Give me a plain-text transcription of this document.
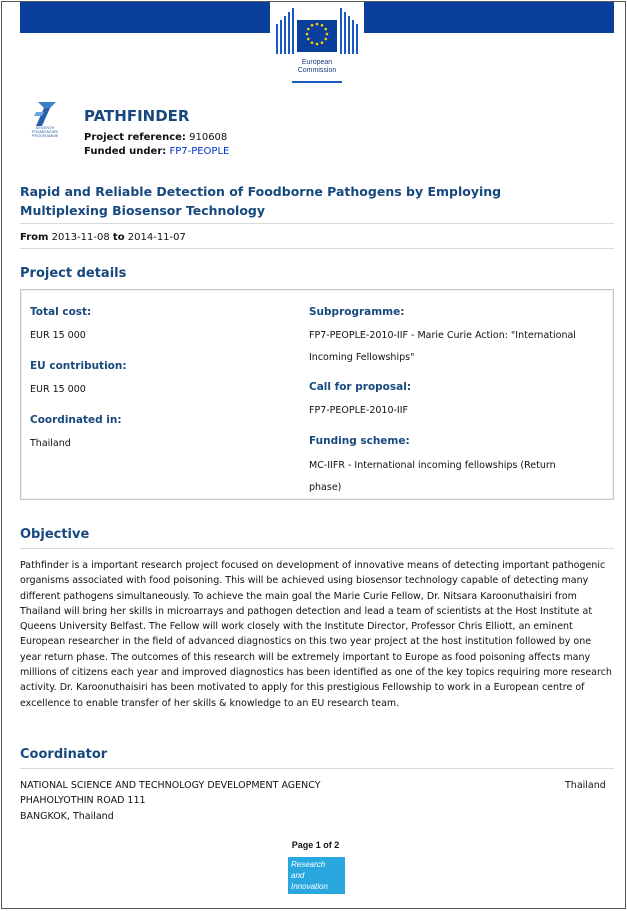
European
Commission
SEVENTH FRAMEWORK PROGRAMME
PATHFINDER
Project reference: 910608
Funded under: FP7-PEOPLE
Rapid and Reliable Detection of Foodborne Pathogens by Employing Multiplexing Biosensor Technology
From 2013-11-08 to 2014-11-07
Project details
Total cost:
EUR 15 000
EU contribution:
EUR 15 000
Coordinated in:
Thailand
Subprogramme:
FP7-PEOPLE-2010-IIF - Marie Curie Action: "International Incoming Fellowships"
Call for proposal:
FP7-PEOPLE-2010-IIF
Funding scheme:
MC-IIFR - International incoming fellowships (Return phase)
Objective
Pathfinder is a important research project focused on development of innovative means of detecting important pathogenic organisms associated with food poisoning. This will be achieved using biosensor technology capable of detecting many different pathogens simultaneously. To achieve the main goal the Marie Curie Fellow, Dr. Nitsara Karoonuthaisiri from Thailand will bring her skills in microarrays and pathogen detection and lead a team of scientists at the Host Institute at Queens University Belfast. The Fellow will work closely with the Institute Director, Professor Chris Elliott, an eminent European researcher in the field of advanced diagnostics on this two year project at the host institution followed by one year return phase. The outcomes of this research will be extremely important to Europe as food poisoning affects many millions of citizens each year and improved diagnostics has been identified as one of the key topics requiring more research activity. Dr. Karoonuthaisiri has been motivated to apply for this prestigious Fellowship to work in a European centre of excellence to enable transfer of her skills & knowledge to an EU research team.
Coordinator
NATIONAL SCIENCE AND TECHNOLOGY DEVELOPMENT AGENCY
PHAHOLYOTHIN ROAD 111
BANGKOK, Thailand
Thailand
Page 1 of 2
Research
and Innovation
